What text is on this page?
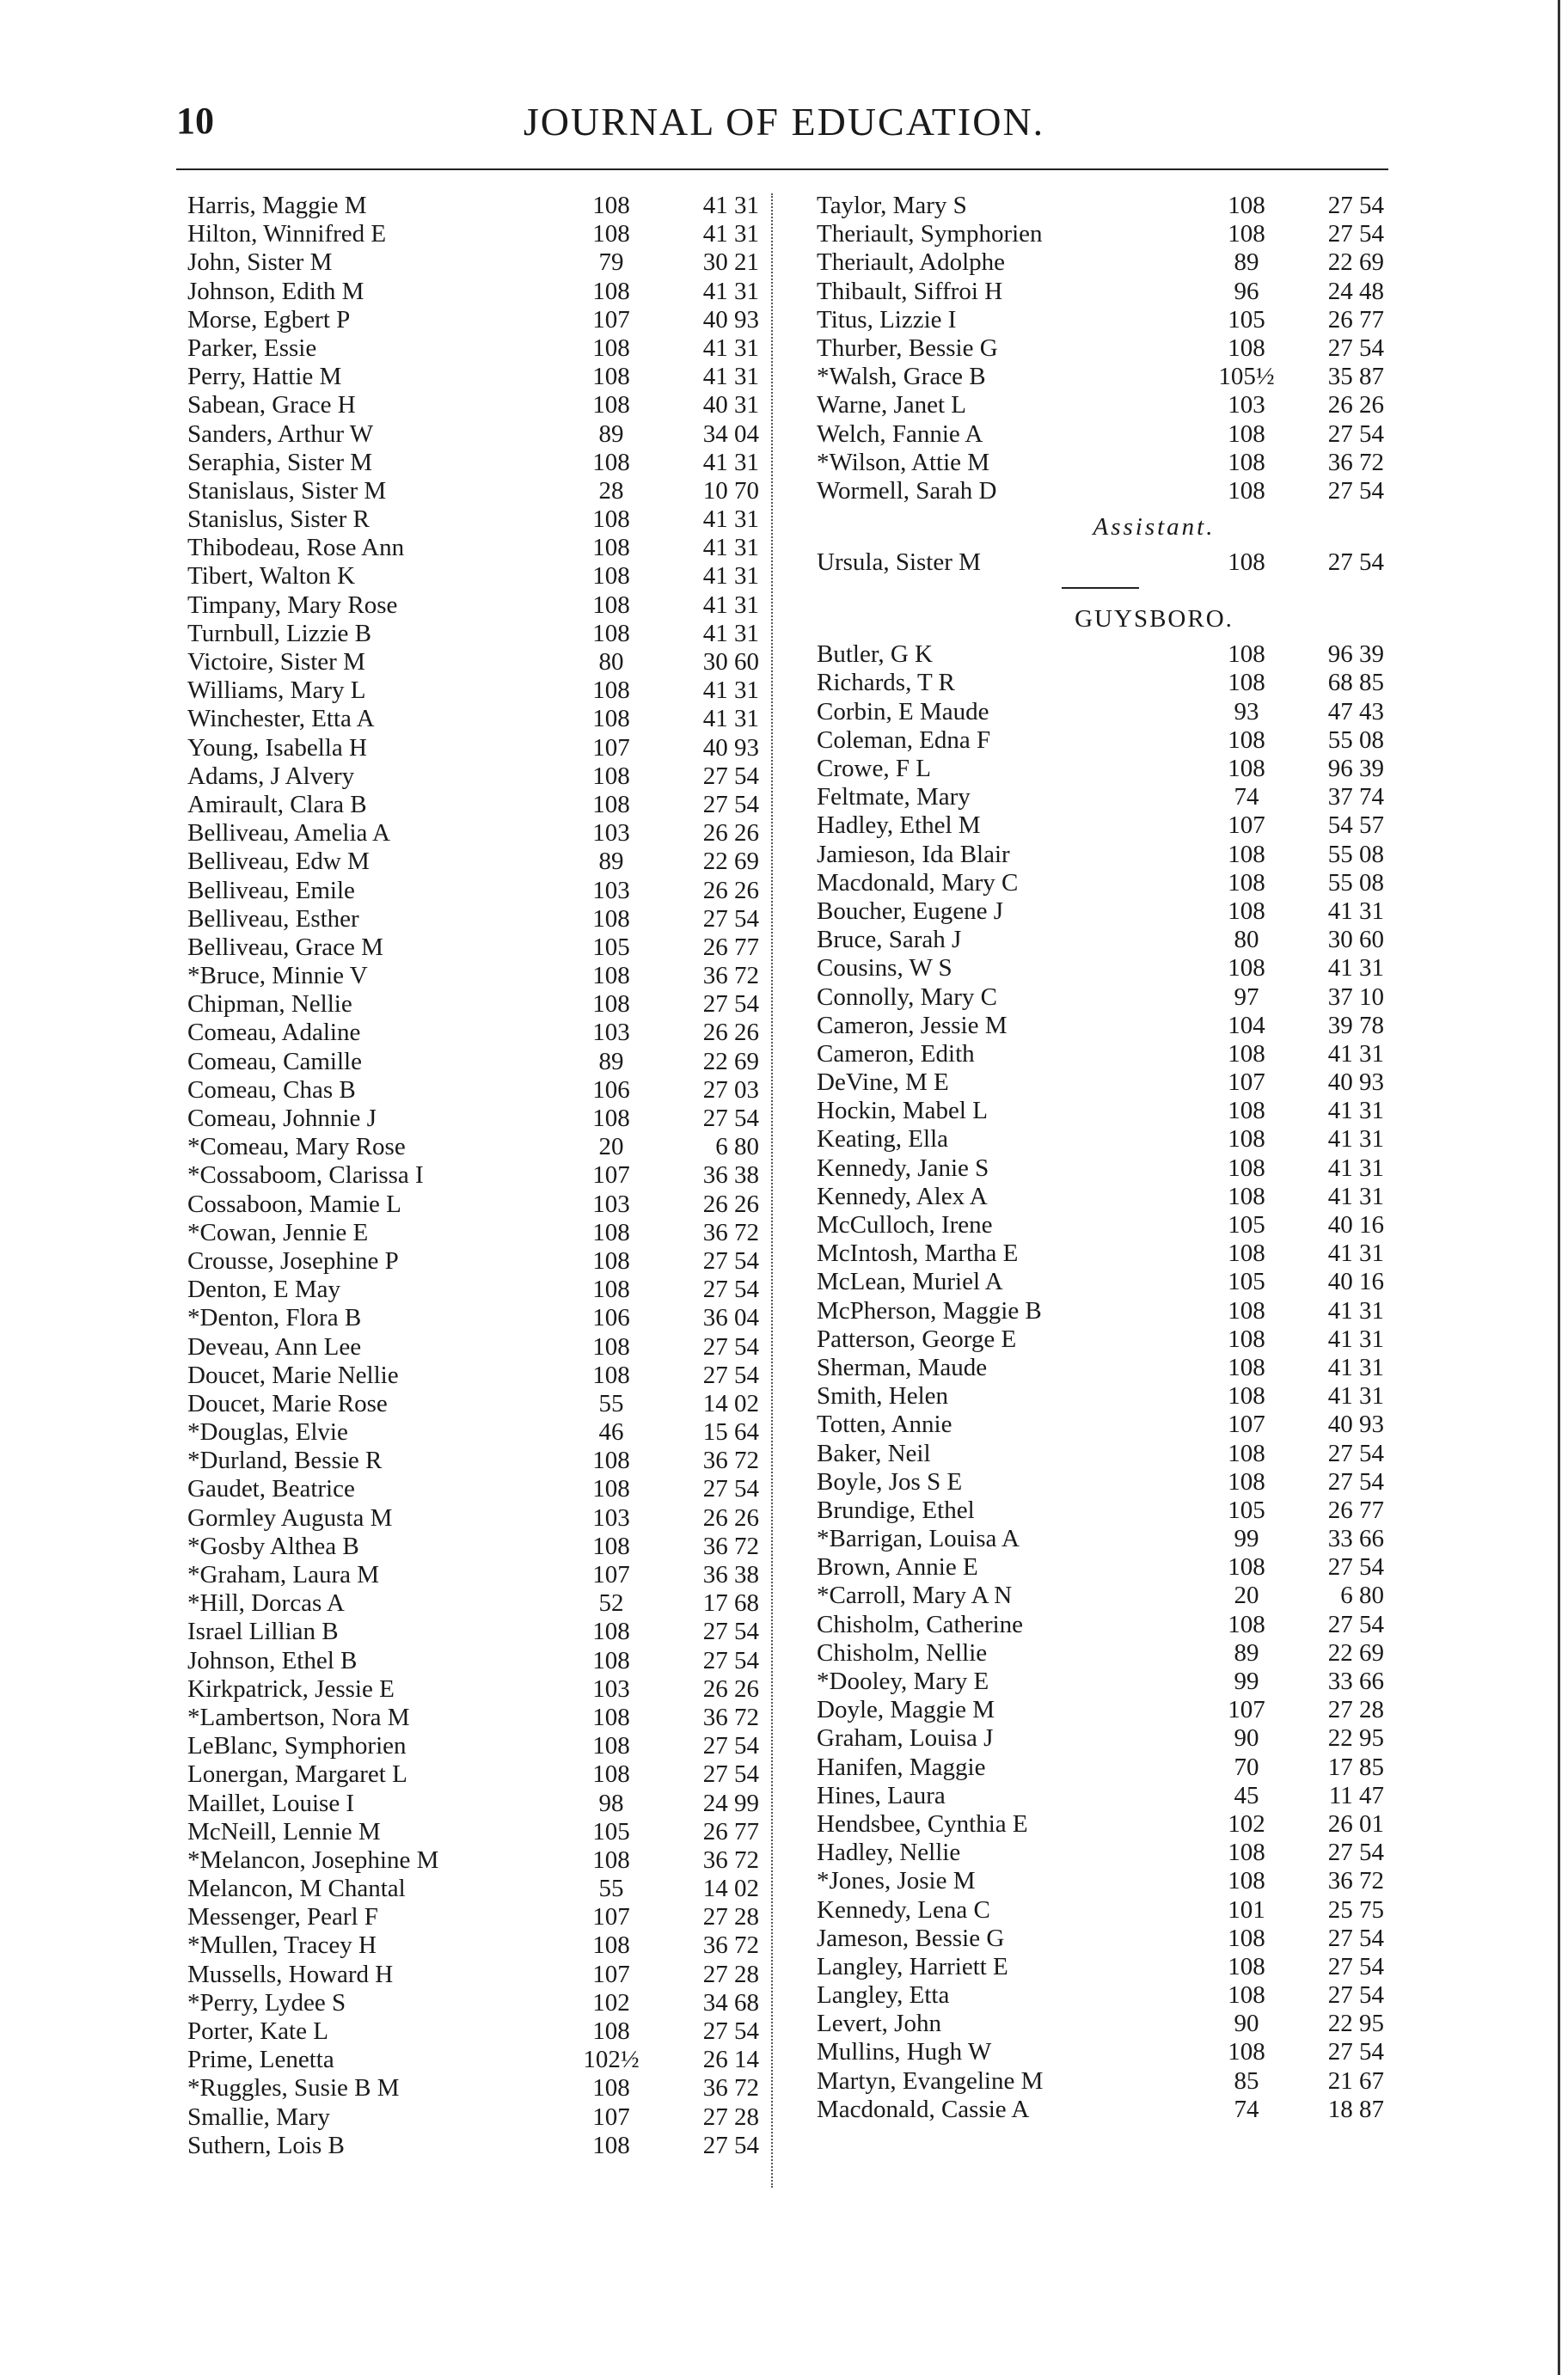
10	JOURNAL OF EDUCATION.
Harris, Maggie M	108	41 31
Hilton, Winnifred E	108	41 31
John, Sister M	79	30 21
Johnson, Edith M	108	41 31
Morse, Egbert P	107	40 93
Parker, Essie	108	41 31
Perry, Hattie M	108	41 31
Sabean, Grace H	108	40 31
Sanders, Arthur W	89	34 04
Seraphia, Sister M	108	41 31
Stanislaus, Sister M	28	10 70
Stanislus, Sister R	108	41 31
Thibodeau, Rose Ann	108	41 31
Tibert, Walton K	108	41 31
Timpany, Mary Rose	108	41 31
Turnbull, Lizzie B	108	41 31
Victoire, Sister M	80	30 60
Williams, Mary L	108	41 31
Winchester, Etta A	108	41 31
Young, Isabella H	107	40 93
Adams, J Alvery	108	27 54
Amirault, Clara B	108	27 54
Belliveau, Amelia A	103	26 26
Belliveau, Edw M	89	22 69
Belliveau, Emile	103	26 26
Belliveau, Esther	108	27 54
Belliveau, Grace M	105	26 77
*Bruce, Minnie V	108	36 72
Chipman, Nellie	108	27 54
Comeau, Adaline	103	26 26
Comeau, Camille	89	22 69
Comeau, Chas B	106	27 03
Comeau, Johnnie J	108	27 54
*Comeau, Mary Rose	20	6 80
*Cossaboom, Clarissa I	107	36 38
Cossaboon, Mamie L	103	26 26
*Cowan, Jennie E	108	36 72
Crousse, Josephine P	108	27 54
Denton, E May	108	27 54
*Denton, Flora B	106	36 04
Deveau, Ann Lee	108	27 54
Doucet, Marie Nellie	108	27 54
Doucet, Marie Rose	55	14 02
*Douglas, Elvie	46	15 64
*Durland, Bessie R	108	36 72
Gaudet, Beatrice	108	27 54
Gormley Augusta M	103	26 26
*Gosby Althea B	108	36 72
*Graham, Laura M	107	36 38
*Hill, Dorcas A	52	17 68
Israel Lillian B	108	27 54
Johnson, Ethel B	108	27 54
Kirkpatrick, Jessie E	103	26 26
*Lambertson, Nora M	108	36 72
LeBlanc, Symphorien	108	27 54
Lonergan, Margaret L	108	27 54
Maillet, Louise I	98	24 99
McNeill, Lennie M	105	26 77
*Melancon, Josephine M	108	36 72
Melancon, M Chantal	55	14 02
Messenger, Pearl F	107	27 28
*Mullen, Tracey H	108	36 72
Mussells, Howard H	107	27 28
*Perry, Lydee S	102	34 68
Porter, Kate L	108	27 54
Prime, Lenetta	102½	26 14
*Ruggles, Susie B M	108	36 72
Smallie, Mary	107	27 28
Suthern, Lois B	108	27 54
Taylor, Mary S	108	27 54
Theriault, Symphorien	108	27 54
Theriault, Adolphe	89	22 69
Thibault, Siffroi H	96	24 48
Titus, Lizzie I	105	26 77
Thurber, Bessie G	108	27 54
*Walsh, Grace B	105½	35 87
Warne, Janet L	103	26 26
Welch, Fannie A	108	27 54
*Wilson, Attie M	108	36 72
Wormell, Sarah D	108	27 54
Assistant.
Ursula, Sister M	108	27 54
GUYSBORO.
Butler, G K	108	96 39
Richards, T R	108	68 85
Corbin, E Maude	93	47 43
Coleman, Edna F	108	55 08
Crowe, F L	108	96 39
Feltmate, Mary	74	37 74
Hadley, Ethel M	107	54 57
Jamieson, Ida Blair	108	55 08
Macdonald, Mary C	108	55 08
Boucher, Eugene J	108	41 31
Bruce, Sarah J	80	30 60
Cousins, W S	108	41 31
Connolly, Mary C	97	37 10
Cameron, Jessie M	104	39 78
Cameron, Edith	108	41 31
DeVine, M E	107	40 93
Hockin, Mabel L	108	41 31
Keating, Ella	108	41 31
Kennedy, Janie S	108	41 31
Kennedy, Alex A	108	41 31
McCulloch, Irene	105	40 16
McIntosh, Martha E	108	41 31
McLean, Muriel A	105	40 16
McPherson, Maggie B	108	41 31
Patterson, George E	108	41 31
Sherman, Maude	108	41 31
Smith, Helen	108	41 31
Totten, Annie	107	40 93
Baker, Neil	108	27 54
Boyle, Jos S E	108	27 54
Brundige, Ethel	105	26 77
*Barrigan, Louisa A	99	33 66
Brown, Annie E	108	27 54
*Carroll, Mary A N	20	6 80
Chisholm, Catherine	108	27 54
Chisholm, Nellie	89	22 69
*Dooley, Mary E	99	33 66
Doyle, Maggie M	107	27 28
Graham, Louisa J	90	22 95
Hanifen, Maggie	70	17 85
Hines, Laura	45	11 47
Hendsbee, Cynthia E	102	26 01
Hadley, Nellie	108	27 54
*Jones, Josie M	108	36 72
Kennedy, Lena C	101	25 75
Jameson, Bessie G	108	27 54
Langley, Harriett E	108	27 54
Langley, Etta	108	27 54
Levert, John	90	22 95
Mullins, Hugh W	108	27 54
Martyn, Evangeline M	85	21 67
Macdonald, Cassie A	74	18 87
